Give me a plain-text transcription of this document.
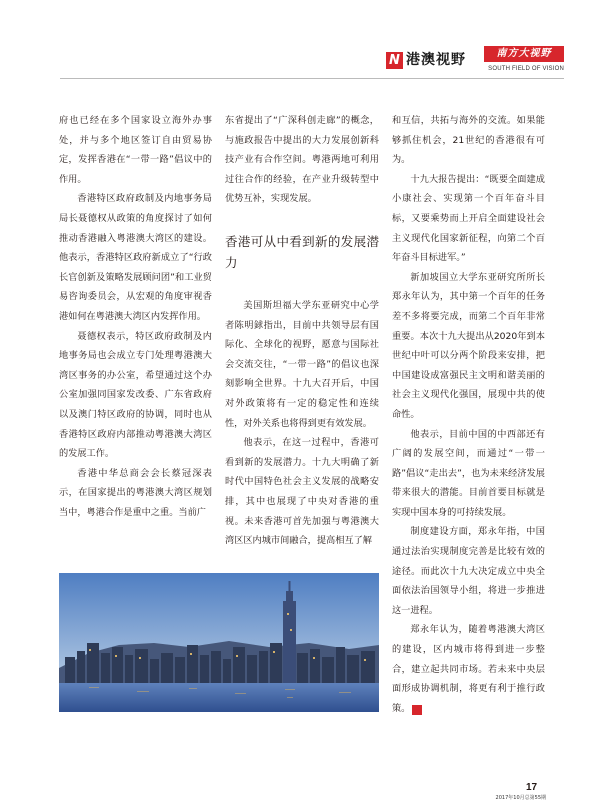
N 港澳视野	南方大视野
SOUTH FIELD OF VISION

府也已经在多个国家设立海外办事处，并与多个地区签订自由贸易协定，发挥香港在“一带一路”倡议中的作用。

香港特区政府政制及内地事务局局长聂德权从政策的角度探讨了如何推动香港融入粤港澳大湾区的建设。他表示，香港特区政府新成立了“行政长官创新及策略发展顾问团”和工业贸易咨询委员会，从宏观的角度审视香港如何在粤港澳大湾区内发挥作用。

聂德权表示，特区政府政制及内地事务局也会成立专门处理粤港澳大湾区事务的办公室，希望通过这个办公室加强同国家发改委、广东省政府以及澳门特区政府的协调，同时也从香港特区政府内部推动粤港澳大湾区的发展工作。

香港中华总商会会长蔡冠深表示，在国家提出的粤港澳大湾区规划当中，粤港合作是重中之重。当前广

东省提出了“广深科创走廊”的概念，与施政报告中提出的大力发展创新科技产业有合作空间。粤港两地可利用过往合作的经验，在产业升级转型中优势互补，实现发展。

香港可从中看到新的发展潜力

美国斯坦福大学东亚研究中心学者陈明銶指出，目前中共领导层有国际化、全球化的视野，愿意与国际社会交流交往，“一带一路”的倡议也深刻影响全世界。十九大召开后，中国对外政策将有一定的稳定性和连续性，对外关系也将得到更有效发展。

他表示，在这一过程中，香港可看到新的发展潜力。十九大明确了新时代中国特色社会主义发展的战略安排，其中也展现了中央对香港的重视。未来香港可首先加强与粤港澳大湾区区内城市间融合，提高相互了解

和互信，共拓与海外的交流。如果能够抓住机会，21世纪的香港很有可为。

十九大报告提出：“既要全面建成小康社会、实现第一个百年奋斗目标，又要乘势而上开启全面建设社会主义现代化国家新征程，向第二个百年奋斗目标进军。”

新加坡国立大学东亚研究所所长郑永年认为，其中第一个百年的任务差不多将要完成，而第二个百年非常重要。本次十九大提出从2020年到本世纪中叶可以分两个阶段来安排，把中国建设成富强民主文明和谐美丽的社会主义现代化强国，展现中共的使命性。

他表示，目前中国的中西部还有广阔的发展空间，而通过“一带一路”倡议“走出去”，也为未来经济发展带来很大的潜能。目前首要目标就是实现中国本身的可持续发展。

制度建设方面，郑永年指，中国通过法治实现制度完善是比较有效的途径。而此次十九大决定成立中央全面依法治国领导小组，将进一步推进这一进程。

郑永年认为，随着粤港澳大湾区的建设，区内城市将得到进一步整合，建立起共同市场。若未来中央层面形成协调机制，将更有利于推行政策。	N

17
2017年10月总第55期
